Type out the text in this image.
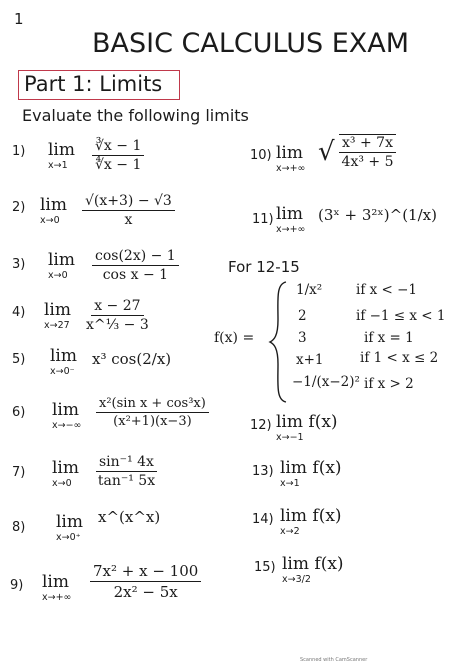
1
BASIC CALCULUS EXAM
Part 1: Limits
Evaluate the following limits
1) lim
x→1	$\frac{∛x - 1}{∜x - 1}$
2) lim
x→0	$\frac{√(x+3) - √3}{x}$
3) lim
x→0	$\frac{\cos(2x) - 1}{\text{cos x − 1}}$
4) lim
$x\to 27 \frac{x - 27}{\text{x\textasciicircum{}⅓ − 3}}$
5) lim
x→0⁻
x³ cos(2/x)
6) lim
$x\to-\infty \frac{\text{x²(sin x + cos³x)}}{\text{(x²+1)(x−3)}}$
7) lim
x→0	$\frac{\text{sin⁻¹ 4x}}{\text{tan⁻¹ 5x}}$
8) lim
x→0⁺
x^(x^x)
9) lim
$x\to+\infty \frac{\text{7x² + x − 100}}{\text{2x² − 5x}}$
10) lim
x→+∞
√ $\frac{\text{x³ + 7x}}{\text{4x³ + 5}}$
11) lim
x→+∞
(3ˣ + 3²ˣ)^(1/x)
For 12-15
f(x) =
1/x²	if x < −1
2	if −1 ≤ x < 1
3	if x = 1
x+1	if 1 < x ≤ 2
−1/(x−2)² if x > 2
12) lim f(x)
x→−1
13) lim f(x)
x→1
14) lim f(x)
x→2
15) lim f(x)
x→3/2
Scanned with CamScanner
